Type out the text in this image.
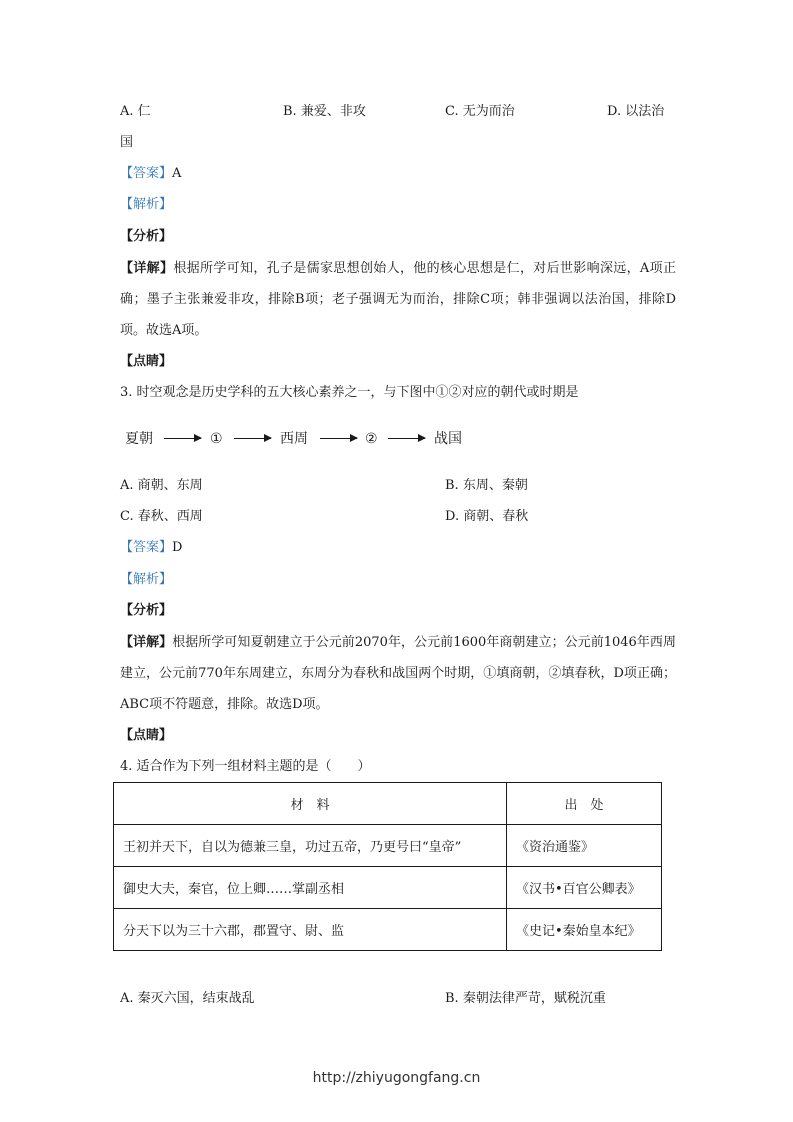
A. 仁	B. 兼爱、非攻	C. 无为而治	D. 以法治
国
【答案】A
【解析】
【分析】
【详解】根据所学可知，孔子是儒家思想创始人，他的核心思想是仁，对后世影响深远，A项正确；墨子主张兼爱非攻，排除B项；老子强调无为而治，排除C项；韩非强调以法治国，排除D项。故选A项。
【点睛】
3. 时空观念是历史学科的五大核心素养之一，与下图中①②对应的朝代或时期是
夏朝	①	西周	②	战国
A. 商朝、东周	B. 东周、秦朝
C. 春秋、西周	D. 商朝、春秋
【答案】D
【解析】
【分析】
【详解】根据所学可知夏朝建立于公元前2070年，公元前1600年商朝建立；公元前1046年西周建立，公元前770年东周建立，东周分为春秋和战国两个时期，①填商朝，②填春秋，D项正确；ABC项不符题意，排除。故选D项。
【点睛】
4. 适合作为下列一组材料主题的是（　　）
材　料	出　处
王初并天下，自以为德兼三皇，功过五帝，乃更号曰“皇帝”	《资治通鉴》
御史大夫，秦官，位上卿……掌副丞相	《汉书•百官公卿表》
分天下以为三十六郡，郡置守、尉、监	《史记•秦始皇本纪》
A. 秦灭六国，结束战乱	B. 秦朝法律严苛，赋税沉重
http://zhiyugongfang.cn
